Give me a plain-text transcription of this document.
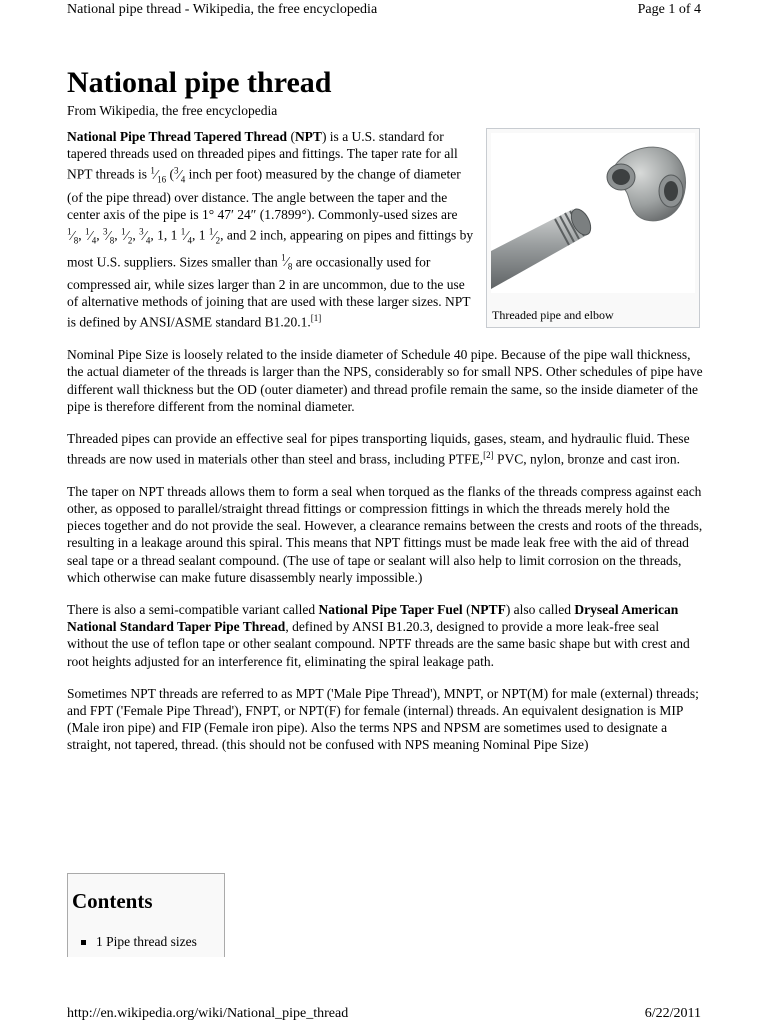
National pipe thread - Wikipedia, the free encyclopedia	Page 1 of 4
National pipe thread
From Wikipedia, the free encyclopedia
Threaded pipe and elbow

National Pipe Thread Tapered Thread (NPT) is a U.S. standard for tapered threads used on threaded pipes and fittings. The taper rate for all NPT threads is $^1⁄_{16}$ ($^3⁄_4$ inch per foot) measured by the change of diameter (of the pipe thread) over distance. The angle between the taper and the center axis of the pipe is 1° 47′ 24″ (1.7899°). Commonly-used sizes are $^1⁄_8$, $^1⁄_4$, $^3⁄_8$, $^1⁄_2$, $^3⁄_4$, 1, 1 $^1⁄_4$, 1 $^1⁄_2$, and 2 inch, appearing on pipes and fittings by most U.S. suppliers. Sizes smaller than $^1⁄_8$ are occasionally used for compressed air, while sizes larger than 2 in are uncommon, due to the use of alternative methods of joining that are used with these larger sizes. NPT is defined by ANSI/ASME standard B1.20.1.[1]

Nominal Pipe Size is loosely related to the inside diameter of Schedule 40 pipe. Because of the pipe wall thickness, the actual diameter of the threads is larger than the NPS, considerably so for small NPS. Other schedules of pipe have different wall thickness but the OD (outer diameter) and thread profile remain the same, so the inside diameter of the pipe is therefore different from the nominal diameter.

Threaded pipes can provide an effective seal for pipes transporting liquids, gases, steam, and hydraulic fluid. These threads are now used in materials other than steel and brass, including PTFE,[2] PVC, nylon, bronze and cast iron.

The taper on NPT threads allows them to form a seal when torqued as the flanks of the threads compress against each other, as opposed to parallel/straight thread fittings or compression fittings in which the threads merely hold the pieces together and do not provide the seal. However, a clearance remains between the crests and roots of the threads, resulting in a leakage around this spiral. This means that NPT fittings must be made leak free with the aid of thread seal tape or a thread sealant compound. (The use of tape or sealant will also help to limit corrosion on the threads, which otherwise can make future disassembly nearly impossible.)

There is also a semi-compatible variant called National Pipe Taper Fuel (NPTF) also called Dryseal American National Standard Taper Pipe Thread, defined by ANSI B1.20.3, designed to provide a more leak-free seal without the use of teflon tape or other sealant compound. NPTF threads are the same basic shape but with crest and root heights adjusted for an interference fit, eliminating the spiral leakage path.

Sometimes NPT threads are referred to as MPT ('Male Pipe Thread'), MNPT, or NPT(M) for male (external) threads; and FPT ('Female Pipe Thread'), FNPT, or NPT(F) for female (internal) threads. An equivalent designation is MIP (Male iron pipe) and FIP (Female iron pipe). Also the terms NPS and NPSM are sometimes used to designate a straight, not tapered, thread. (this should not be confused with NPS meaning Nominal Pipe Size)

Contents
1 Pipe thread sizes
http://en.wikipedia.org/wiki/National_pipe_thread	6/22/2011
